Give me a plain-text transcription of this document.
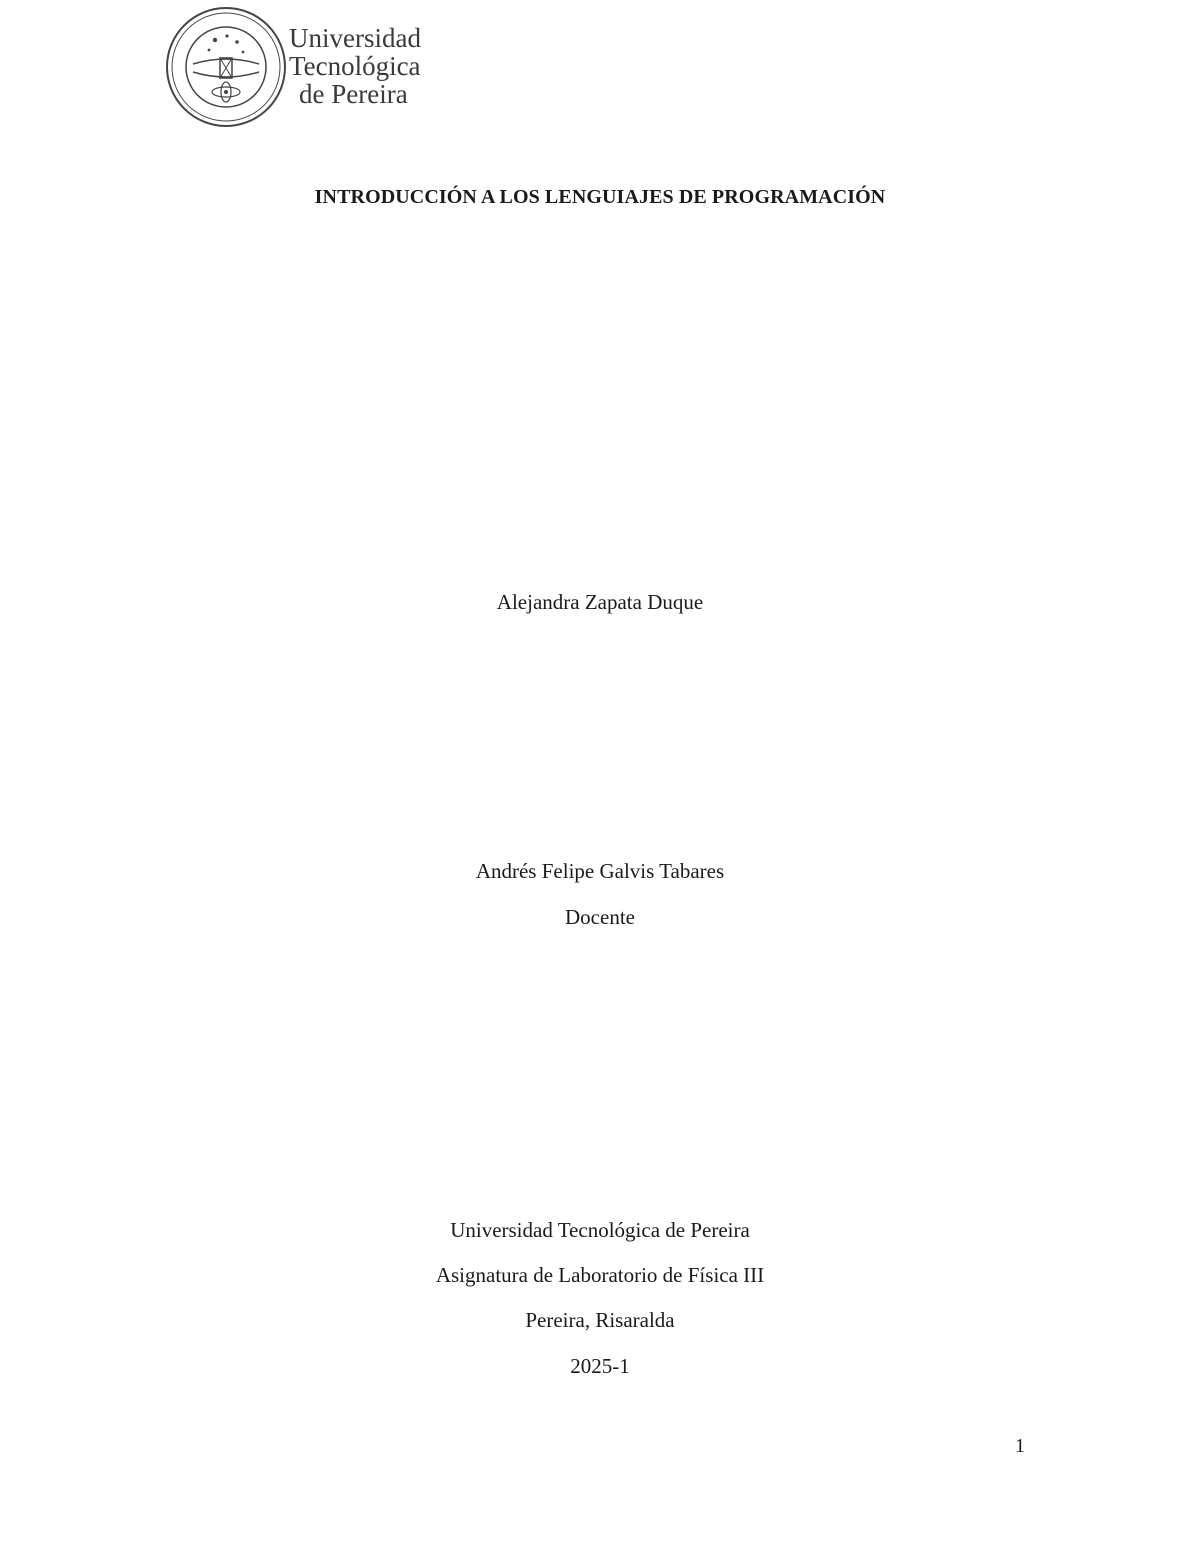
Universidad
Tecnológica
de Pereira
INTRODUCCIÓN A LOS LENGUIAJES DE PROGRAMACIÓN
Alejandra Zapata Duque
Andrés Felipe Galvis Tabares
Docente
Universidad Tecnológica de Pereira
Asignatura de Laboratorio de Física III
Pereira, Risaralda
2025-1
1
